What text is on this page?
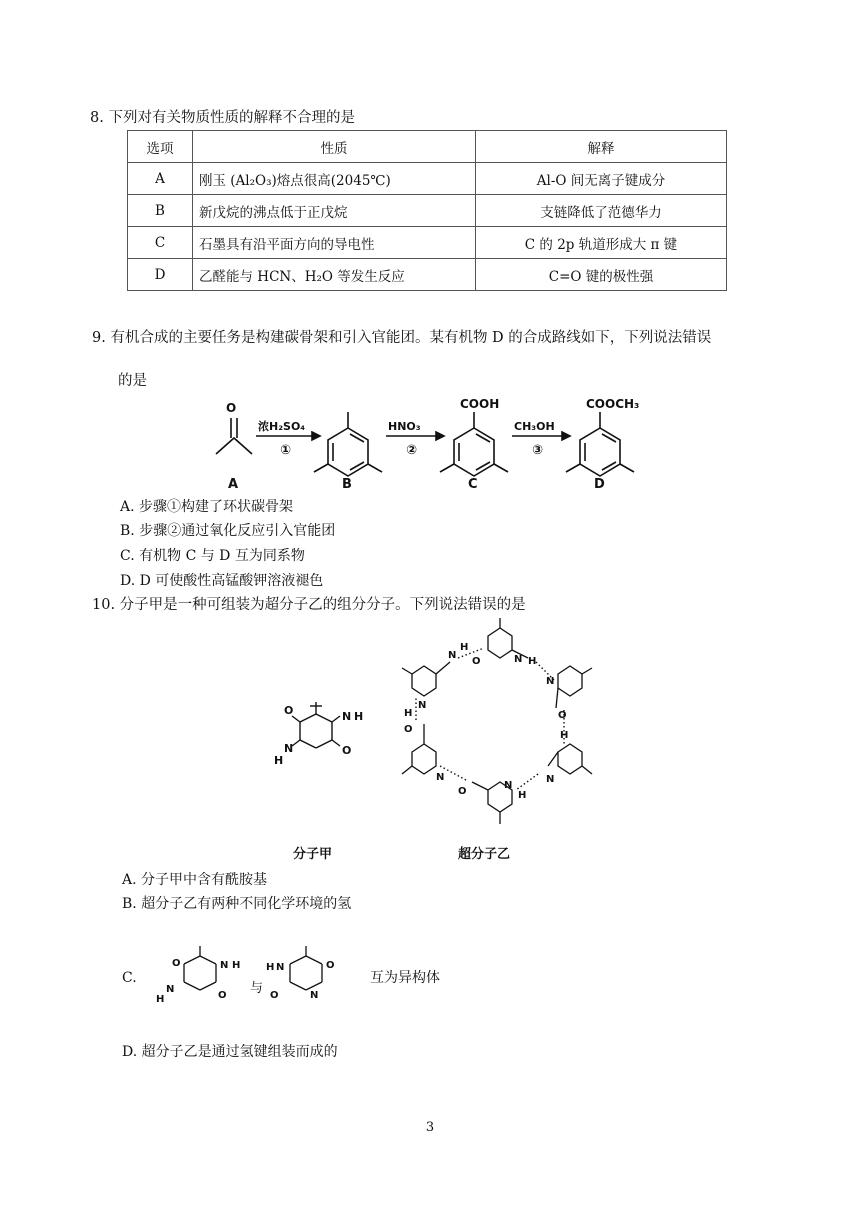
8. 下列对有关物质性质的解释不合理的是
选项	性质	解释
A	刚玉 (Al₂O₃)熔点很高(2045℃)	Al-O 间无离子键成分
B	新戊烷的沸点低于正戊烷	支链降低了范德华力
C	石墨具有沿平面方向的导电性	C 的 2p 轨道形成大 π 键
D	乙醛能与 HCN、H₂O 等发生反应	C=O 键的极性强
9. 有机合成的主要任务是构建碳骨架和引入官能团。某有机物 D 的合成路线如下，下列说法错误
的是
O
浓H₂SO₄
①
HNO₃
②
CH₃OH
③
COOH	COOCH₃
A	B	C	D
A. 步骤①构建了环状碳骨架
B. 步骤②通过氧化反应引入官能团
C. 有机物 C 与 D 互为同系物
D. D 可使酸性高锰酸钾溶液褪色
10. 分子甲是一种可组装为超分子乙的组分分子。下列说法错误的是
O	N H
N
H
O
N
H
O	N H
N
O
H
N
H
N
O
N
O
H
N
分子甲	超分子乙
A. 分子甲中含有酰胺基
B. 超分子乙有两种不同化学环境的氢
C.
O	N H
N
H	O
H N	O
O	N
与
互为异构体
D. 超分子乙是通过氢键组装而成的
3
